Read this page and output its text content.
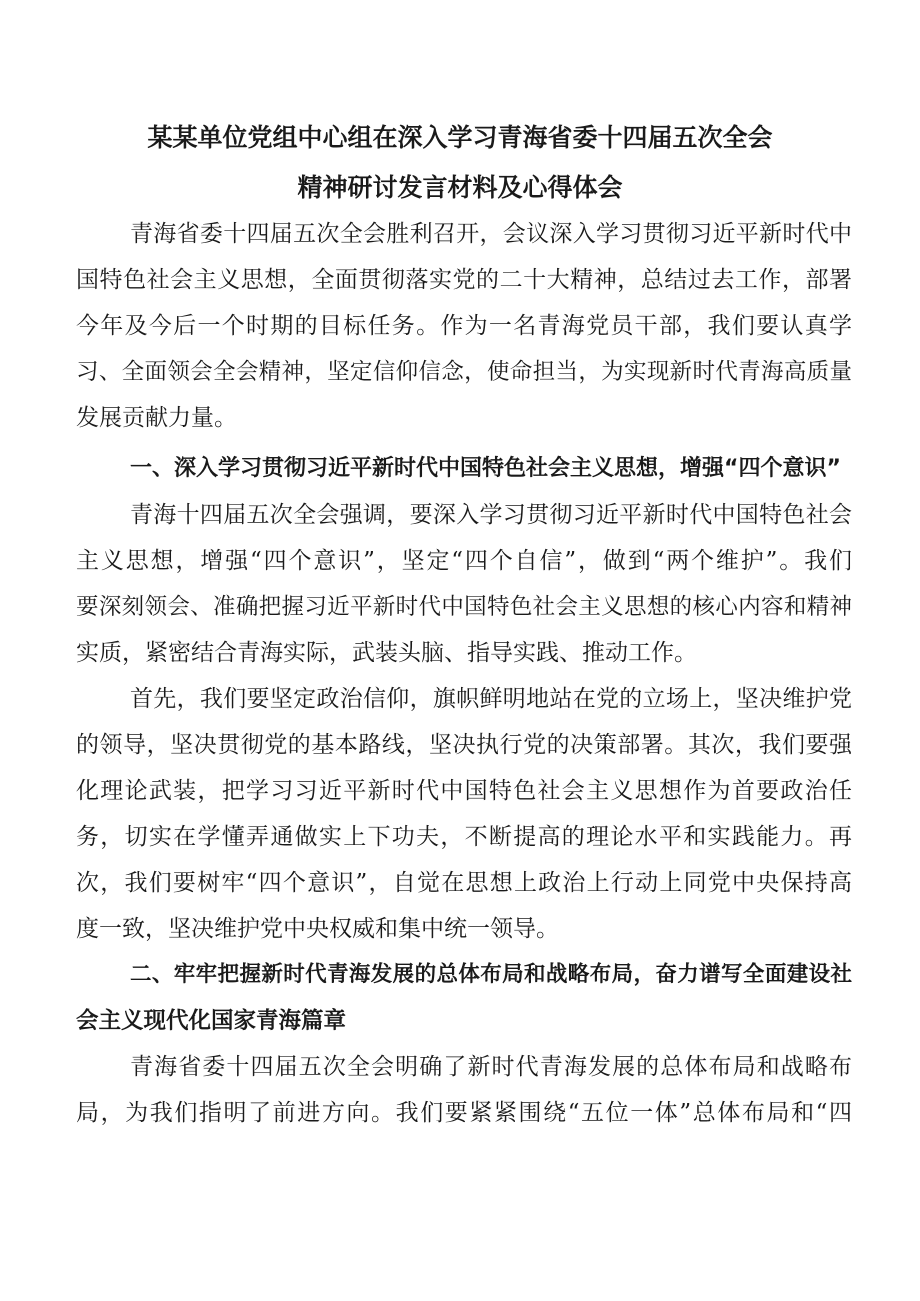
某某单位党组中心组在深入学习青海省委十四届五次全会
精神研讨发言材料及心得体会
青海省委十四届五次全会胜利召开，会议深入学习贯彻习近平新时代中
国特色社会主义思想，全面贯彻落实党的二十大精神，总结过去工作，部署
今年及今后一个时期的目标任务。作为一名青海党员干部，我们要认真学
习、全面领会全会精神，坚定信仰信念，使命担当，为实现新时代青海高质量
发展贡献力量。
一、深入学习贯彻习近平新时代中国特色社会主义思想，增强“四个意识”
青海十四届五次全会强调，要深入学习贯彻习近平新时代中国特色社会
主义思想，增强“四个意识”，坚定“四个自信”，做到“两个维护”。我们
要深刻领会、准确把握习近平新时代中国特色社会主义思想的核心内容和精神
实质，紧密结合青海实际，武装头脑、指导实践、推动工作。
首先，我们要坚定政治信仰，旗帜鲜明地站在党的立场上，坚决维护党
的领导，坚决贯彻党的基本路线，坚决执行党的决策部署。其次，我们要强
化理论武装，把学习习近平新时代中国特色社会主义思想作为首要政治任
务，切实在学懂弄通做实上下功夫，不断提高的理论水平和实践能力。再
次，我们要树牢“四个意识”，自觉在思想上政治上行动上同党中央保持高
度一致，坚决维护党中央权威和集中统一领导。
二、牢牢把握新时代青海发展的总体布局和战略布局，奋力谱写全面建设社
会主义现代化国家青海篇章
青海省委十四届五次全会明确了新时代青海发展的总体布局和战略布
局，为我们指明了前进方向。我们要紧紧围绕“五位一体”总体布局和“四
